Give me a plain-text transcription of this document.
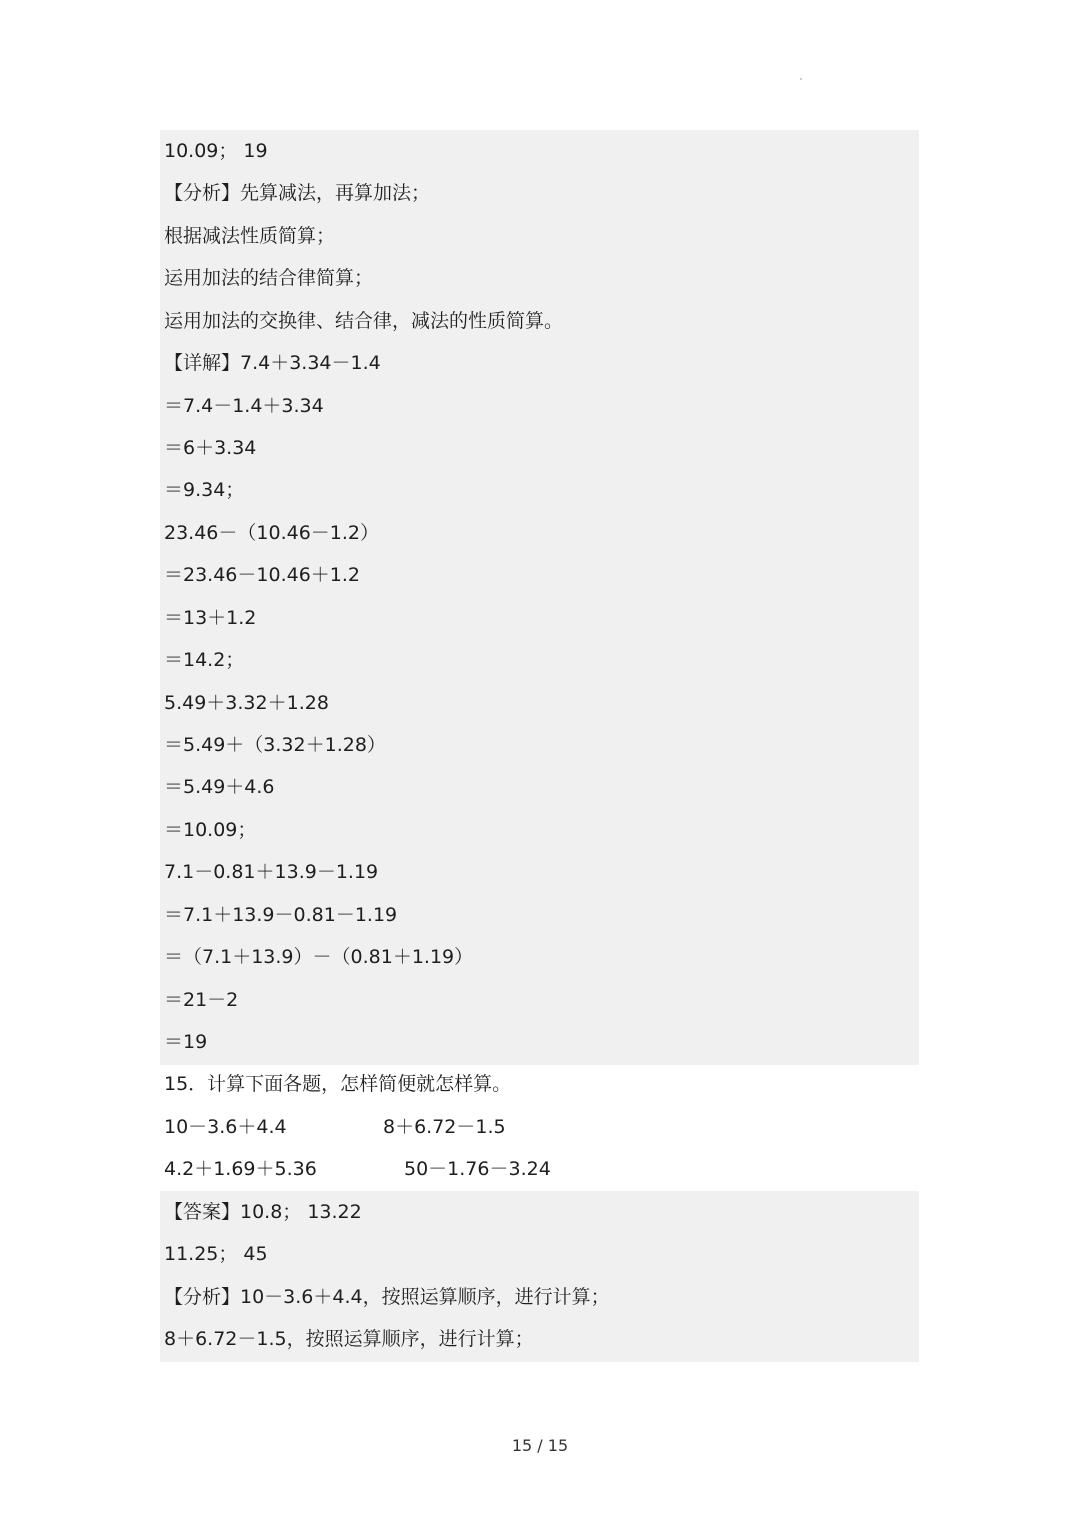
10.09； 19
【分析】先算减法，再算加法；
根据减法性质简算；
运用加法的结合律简算；
运用加法的交换律、结合律，减法的性质简算。
【详解】7.4＋3.34－1.4
＝7.4－1.4＋3.34
＝6＋3.34
＝9.34；
23.46－（10.46－1.2）
＝23.46－10.46＋1.2
＝13＋1.2
＝14.2；
5.49＋3.32＋1.28
＝5.49＋（3.32＋1.28）
＝5.49＋4.6
＝10.09；
7.1－0.81＋13.9－1.19
＝7.1＋13.9－0.81－1.19
＝（7.1＋13.9）－（0.81＋1.19）
＝21－2
＝19
15．计算下面各题，怎样简便就怎样算。
10－3.6＋4.4	8＋6.72－1.5
4.2＋1.69＋5.36	50－1.76－3.24
【答案】10.8； 13.22
11.25； 45
【分析】10－3.6＋4.4，按照运算顺序，进行计算；
8＋6.72－1.5，按照运算顺序，进行计算；
15 / 15
